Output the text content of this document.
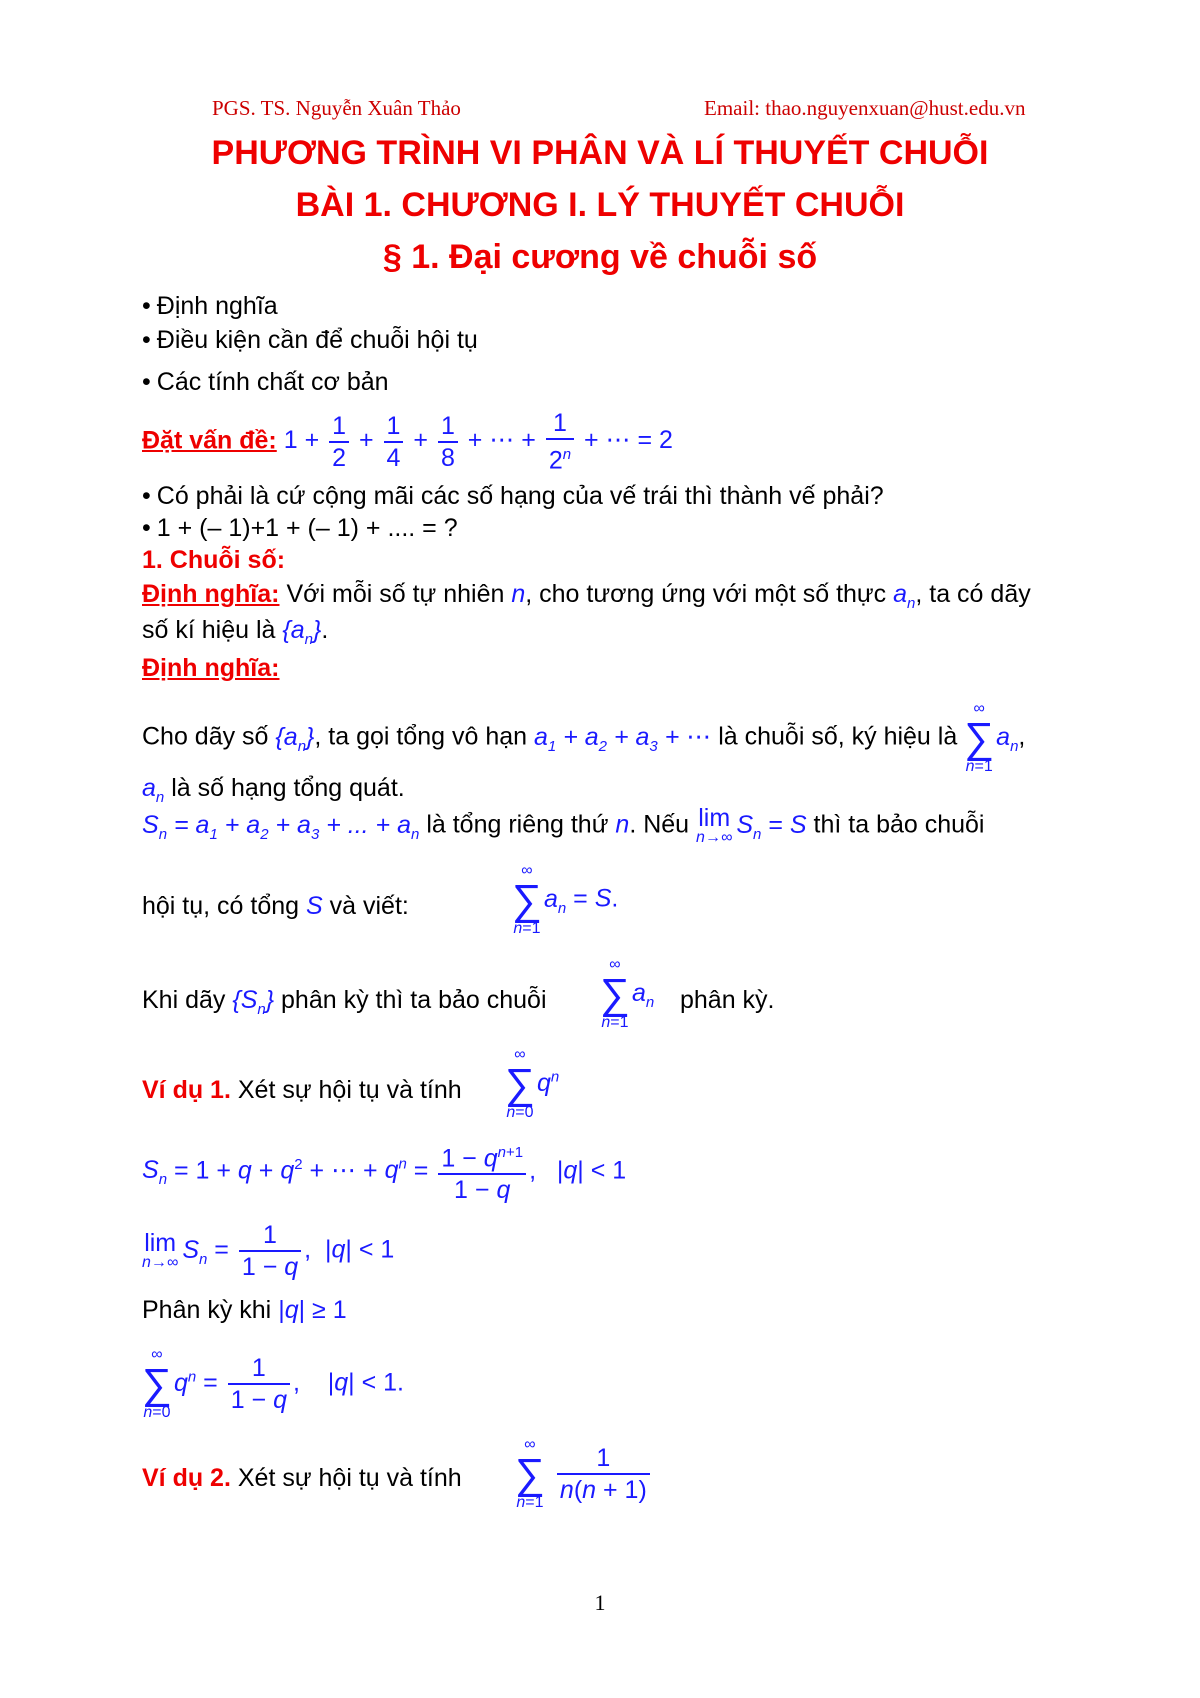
PGS. TS. Nguyễn Xuân Thảo	Email: thao.nguyenxuan@hust.edu.vn
PHƯƠNG TRÌNH VI PHÂN VÀ LÍ THUYẾT CHUỖI
BÀI 1. CHƯƠNG I. LÝ THUYẾT CHUỖI
§ 1. Đại cương về chuỗi số
• Định nghĩa
• Điều kiện cần để chuỗi hội tụ
• Các tính chất cơ bản
Đặt vấn đề: $1 + \frac{1}{2} + \frac{1}{4} + \frac{1}{8}$ + ⋯ + $\frac{1}{2^n}$ + ⋯ = 2
• Có phải là cứ cộng mãi các số hạng của vế trái thì thành vế phải?
• 1 + (– 1)+1 + (– 1) + .... = ?
1. Chuỗi số:
Định nghĩa: Với mỗi số tự nhiên n, cho tương ứng với một số thực $a_n$, ta có dãy
số kí hiệu là $\{a_n\}$.
Định nghĩa:
Cho dãy số $\{a_n\}$, ta gọi tổng vô hạn $a_1 + a_2 + a_3$ + ⋯ là chuỗi số, ký hiệu là ∞
∑
$n=1a_n$,
$a_n$ là số hạng tổng quát.
$S_n = a_1 + a_2 + a_3$ + ... + $a_n$ là tổng riêng thứ n. Nếu lim
n→∞ $S_n = S$ thì ta bảo chuỗi
hội tụ, có tổng S và viết:
∞
∑
$n=1a_n = S$.
Khi dãy $\{S_n\}$ phân kỳ thì ta bảo chuỗi
∞
∑
$n=1a_n$ phân kỳ.
Ví dụ 1. Xét sự hội tụ và tính
∞
∑
$n=0q^n$
$S_n = 1 + q + q^2$ + ⋯ + $q^n = \frac{1 - q^{n+1}}{1 - q}$ ,   |q| < 1
lim
n→∞ $S_n = \frac{1}{1 - q}$ ,  |q| < 1
Phân kỳ khi |q| ≥ 1
∞
∑
$n=0q^n = \frac{1}{1 - q}$ ,    |q| < 1.
Ví dụ 2. Xét sự hội tụ và tính
∞
∑
$n=1 \frac{1}{n(n + 1)}$
1
